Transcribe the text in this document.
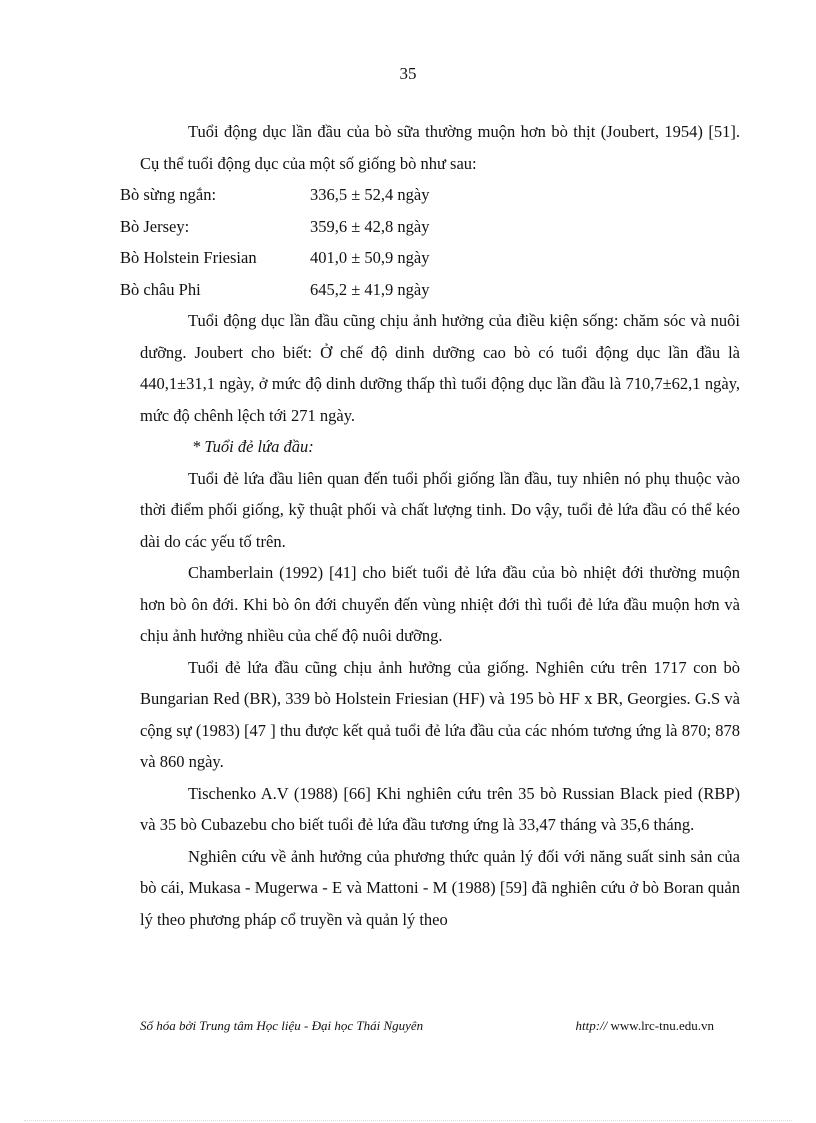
35

Tuổi động dục lần đầu của bò sữa thường muộn hơn bò thịt (Joubert, 1954) [51]. Cụ thể tuổi động dục của một số giống bò như sau:

Bò sừng ngắn:	336,5 ± 52,4 ngày
Bò Jersey:	359,6 ± 42,8 ngày
Bò Holstein Friesian	401,0 ± 50,9 ngày
Bò châu Phi	645,2 ± 41,9 ngày

Tuổi động dục lần đầu cũng chịu ảnh hưởng của điều kiện sống: chăm sóc và nuôi dưỡng. Joubert cho biết: Ở chế độ dinh dưỡng cao bò có tuổi động dục lần đầu là 440,1±31,1 ngày, ở mức độ dinh dưỡng thấp thì tuổi động dục lần đầu là 710,7±62,1 ngày, mức độ chênh lệch tới 271 ngày.

* Tuổi đẻ lứa đầu:

Tuổi đẻ lứa đầu liên quan đến tuổi phối giống lần đầu, tuy nhiên nó phụ thuộc vào thời điểm phối giống, kỹ thuật phối và chất lượng tinh. Do vậy, tuổi đẻ lứa đầu có thể kéo dài do các yếu tố trên.

Chamberlain (1992) [41] cho biết tuổi đẻ lứa đầu của bò nhiệt đới thường muộn hơn bò ôn đới. Khi bò ôn đới chuyển đến vùng nhiệt đới thì tuổi đẻ lứa đầu muộn hơn và chịu ảnh hưởng nhiều của chế độ nuôi dưỡng.

Tuổi đẻ lứa đầu cũng chịu ảnh hưởng của giống. Nghiên cứu trên 1717 con bò Bungarian Red (BR), 339 bò Holstein Friesian (HF) và 195 bò HF x BR, Georgies. G.S và cộng sự (1983) [47 ] thu được kết quả tuổi đẻ lứa đầu của các nhóm tương ứng là 870; 878 và 860 ngày.

Tischenko A.V (1988) [66] Khi nghiên cứu trên 35 bò Russian Black pied (RBP) và 35 bò Cubazebu cho biết tuổi đẻ lứa đầu tương ứng là 33,47 tháng và 35,6 tháng.

Nghiên cứu về ảnh hưởng của phương thức quản lý đối với năng suất sinh sản của bò cái, Mukasa - Mugerwa - E và Mattoni - M (1988) [59] đã nghiên cứu ở bò Boran quản lý theo phương pháp cổ truyền và quản lý theo

Số hóa bởi Trung tâm Học liệu - Đại học Thái Nguyên	http:// www.lrc-tnu.edu.vn
